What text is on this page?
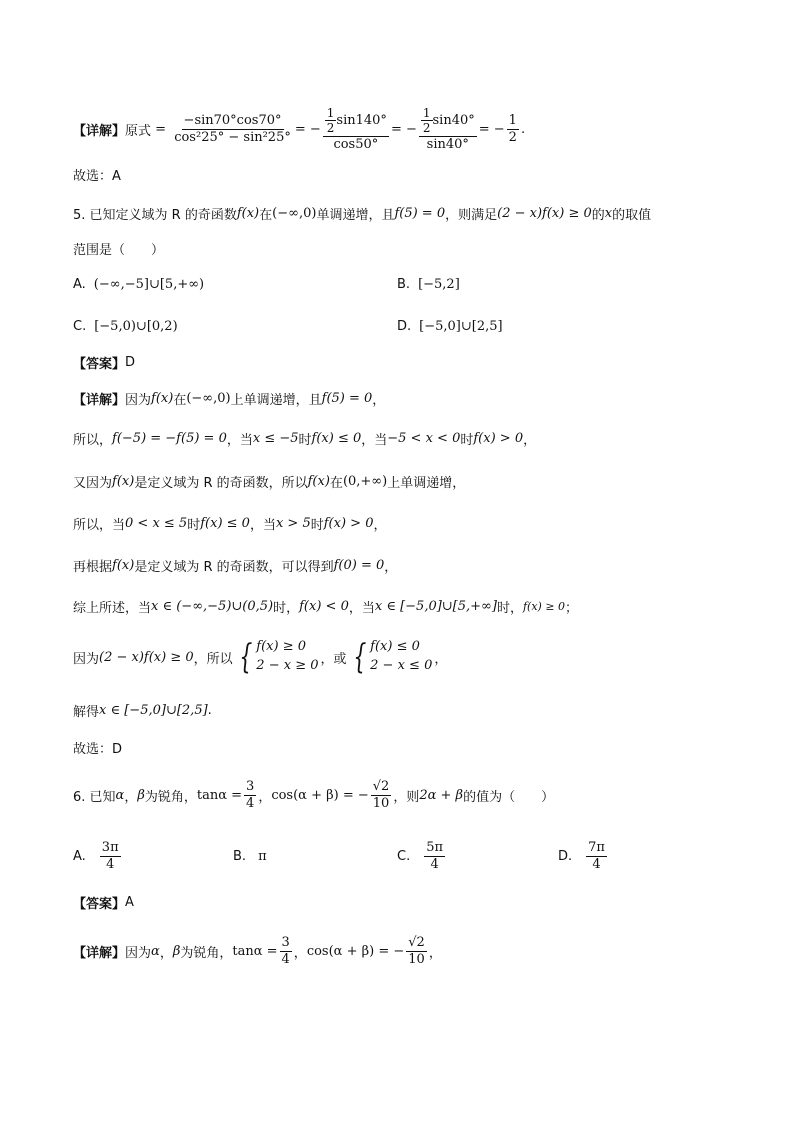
【详解】 原式 = $\frac{-\sin 70^\circ\cos 70^\circ}{\text{cos²25° − sin²25°}}$ = − $\frac{\frac{1}{2} \sin 140^\circ}{\cos 50^\circ}$ = − $\frac{\frac{1}{2} \sin 40^\circ}{\sin 40^\circ}$ = − $\frac{1}{2}$ .
故选：A
5. 已知定义域为 R 的奇函数 f(x) 在 (−∞,0) 单调递增，且 f(5) = 0 ，则满足 (2 − x)f(x) ≥ 0 的 x 的取值
范围是（　　）
A. (−∞,−5]∪[5,+∞)	B. [−5,2]
C. [−5,0)∪[0,2)	D. [−5,0]∪[2,5]
【答案】 D
【详解】 因为 f(x) 在 (−∞,0) 上单调递增，且 f(5) = 0 ，
所以， f(−5) = −f(5) = 0 ，当 x ≤ −5 时 f(x) ≤ 0 ，当 −5 < x < 0 时 f(x) > 0 ，
又因为 f(x) 是定义域为 R 的奇函数，所以 f(x) 在 (0,+∞) 上单调递增，
所以，当 0 < x ≤ 5 时 f(x) ≤ 0 ，当 x > 5 时 f(x) > 0 ，
再根据 f(x) 是定义域为 R 的奇函数，可以得到 f(0) = 0 ，
综上所述，当 x ∈ (−∞,−5)∪(0,5) 时， f(x) < 0 ，当 x ∈ [−5,0]∪[5,+∞] 时， f(x) ≥ 0 ；
因为 (2 − x)f(x) ≥ 0 ，所以 { f(x) ≥ 0
2 − x ≥ 0 ，或 { f(x) ≤ 0
2 − x ≤ 0 ，
解得 x ∈ [−5,0]∪[2,5] .
故选：D
6. 已知 α ， β 为锐角， $\tan\alpha = \frac{3}{4}$ ， cos(α + β) = − $\frac{√2}{10}$ ，则 2α + β 的值为（　　）
A. $\frac{3\pi}{4}$	B. π	C. $\frac{5\pi}{4}$	D. $\frac{7\pi}{4}$
【答案】 A
【详解】 因为 α ， β 为锐角， $\tan\alpha = \frac{3}{4}$ ， cos(α + β) = − $\frac{√2}{10}$ ，
